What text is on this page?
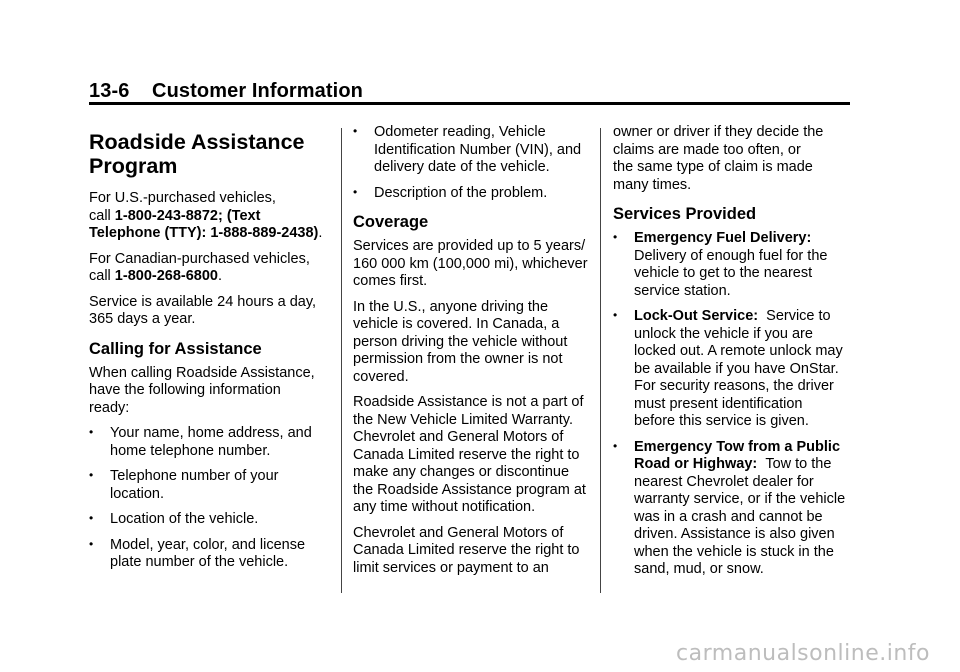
13-6    Customer Information
Roadside Assistance
Program

For U.S.-purchased vehicles,
call 1-800-243-8872; (Text
Telephone (TTY): 1-888-889-2438).

For Canadian-purchased vehicles,
call 1-800-268-6800.

Service is available 24 hours a day,
365 days a year.

Calling for Assistance

When calling Roadside Assistance,
have the following information
ready:

• Your name, home address, and
home telephone number.
• Telephone number of your
location.
• Location of the vehicle.
• Model, year, color, and license
plate number of the vehicle.
• Odometer reading, Vehicle
Identification Number (VIN), and
delivery date of the vehicle.
• Description of the problem.
Coverage

Services are provided up to 5 years/
160 000 km (100,000 mi), whichever
comes first.

In the U.S., anyone driving the
vehicle is covered. In Canada, a
person driving the vehicle without
permission from the owner is not
covered.

Roadside Assistance is not a part of
the New Vehicle Limited Warranty.
Chevrolet and General Motors of
Canada Limited reserve the right to
make any changes or discontinue
the Roadside Assistance program at
any time without notification.

Chevrolet and General Motors of
Canada Limited reserve the right to
limit services or payment to an

owner or driver if they decide the
claims are made too often, or
the same type of claim is made
many times.

Services Provided
• Emergency Fuel Delivery:
Delivery of enough fuel for the
vehicle to get to the nearest
service station.
• Lock-Out Service:  Service to
unlock the vehicle if you are
locked out. A remote unlock may
be available if you have OnStar.
For security reasons, the driver
must present identification
before this service is given.
• Emergency Tow from a Public
Road or Highway:  Tow to the
nearest Chevrolet dealer for
warranty service, or if the vehicle
was in a crash and cannot be
driven. Assistance is also given
when the vehicle is stuck in the
sand, mud, or snow.
carmanualsonline.info
